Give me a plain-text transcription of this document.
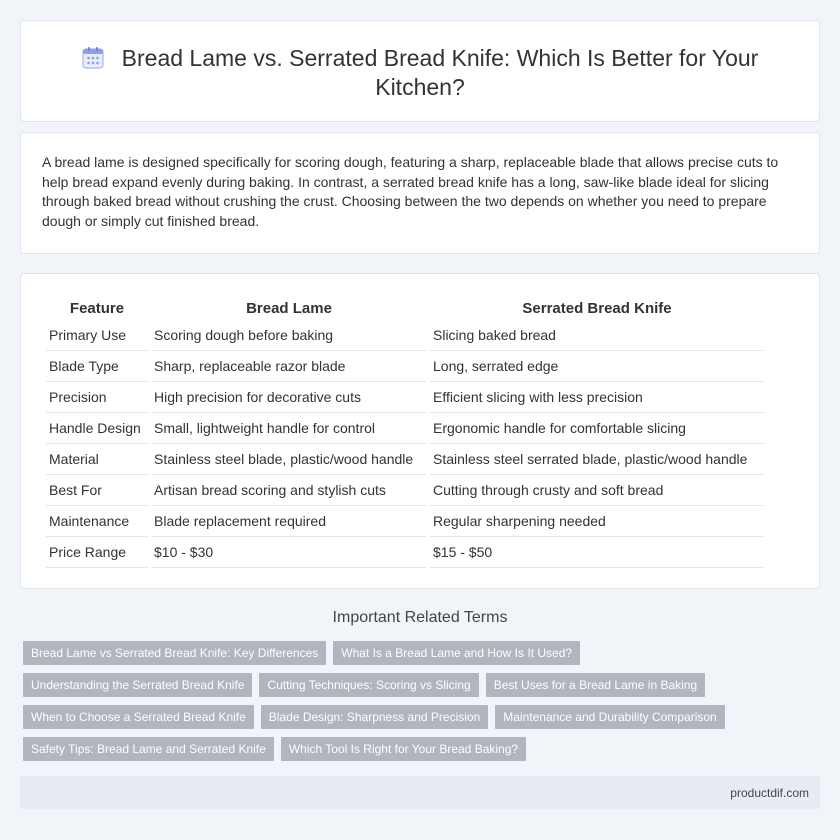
Bread Lame vs. Serrated Bread Knife: Which Is Better for Your Kitchen?

A bread lame is designed specifically for scoring dough, featuring a sharp, replaceable blade that allows precise cuts to help bread expand evenly during baking. In contrast, a serrated bread knife has a long, saw-like blade ideal for slicing through baked bread without crushing the crust. Choosing between the two depends on whether you need to prepare dough or simply cut finished bread.

Feature	Bread Lame	Serrated Bread Knife
Primary Use	Scoring dough before baking	Slicing baked bread
Blade Type	Sharp, replaceable razor blade	Long, serrated edge
Precision	High precision for decorative cuts	Efficient slicing with less precision
Handle Design	Small, lightweight handle for control	Ergonomic handle for comfortable slicing
Material	Stainless steel blade, plastic/wood handle	Stainless steel serrated blade, plastic/wood handle
Best For	Artisan bread scoring and stylish cuts	Cutting through crusty and soft bread
Maintenance	Blade replacement required	Regular sharpening needed
Price Range	$10 - $30	$15 - $50
Important Related Terms
Bread Lame vs Serrated Bread Knife: Key Differences	What Is a Bread Lame and How Is It Used?
Understanding the Serrated Bread Knife	Cutting Techniques: Scoring vs Slicing	Best Uses for a Bread Lame in Baking
When to Choose a Serrated Bread Knife	Blade Design: Sharpness and Precision	Maintenance and Durability Comparison
Safety Tips: Bread Lame and Serrated Knife	Which Tool Is Right for Your Bread Baking?
productdif.com
